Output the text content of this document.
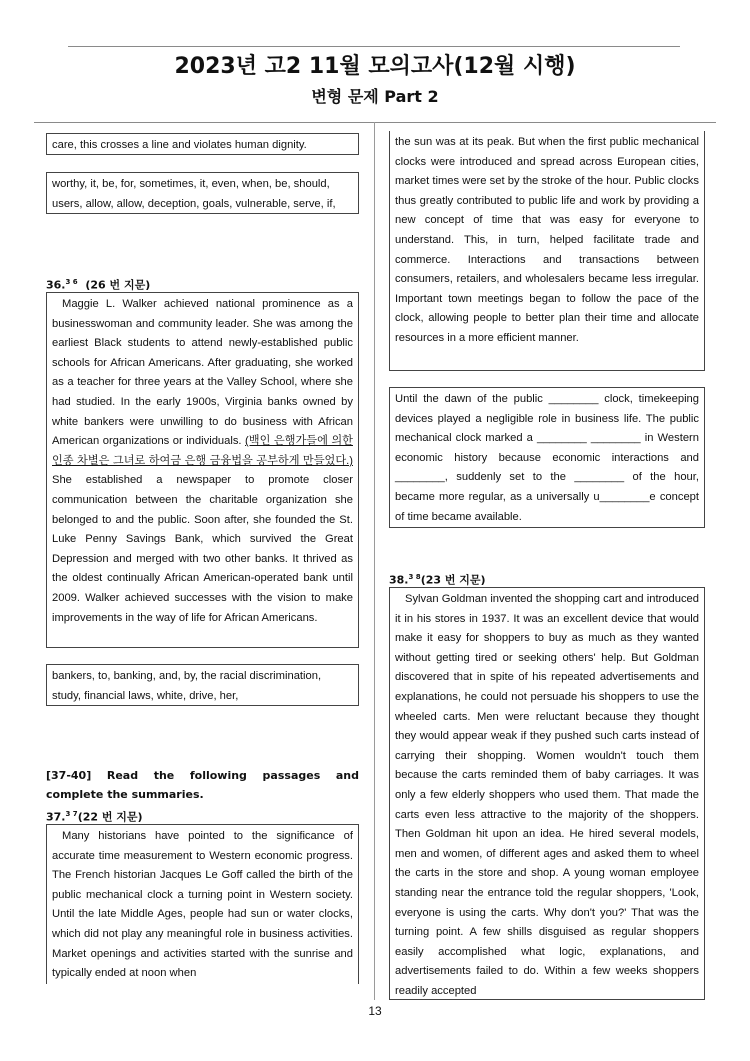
2023년 고2 11월 모의고사(12월 시행)
변형 문제 Part 2

care, this crosses a line and violates human dignity.

worthy, it, be, for, sometimes, it, even, when, be, should, users, allow, allow, deception, goals, vulnerable, serve, if,

36.$^{3 6}$ (26 번 지문)

Maggie L. Walker achieved national prominence as a businesswoman and community leader. She was among the earliest Black students to attend newly-established public schools for African Americans. After graduating, she worked as a teacher for three years at the Valley School, where she had studied. In the early 1900s, Virginia banks owned by white bankers were unwilling to do business with African American organizations or individuals. (백인 은행가들에 의한 인종 차별은 그녀로 하여금 은행 금융법을 공부하게 만들었다.) She established a newspaper to promote closer communication between the charitable organization she belonged to and the public. Soon after, she founded the St. Luke Penny Savings Bank, which survived the Great Depression and merged with two other banks. It thrived as the oldest continually African American-operated bank until 2009. Walker achieved successes with the vision to make improvements in the way of life for African Americans.

bankers, to, banking, and, by, the racial discrimination, study, financial laws, white, drive, her,

[37-40] Read the following passages and complete the summaries.
37.$^{3 7}$(22 번 지문)

Many historians have pointed to the significance of accurate time measurement to Western economic progress. The French historian Jacques Le Goff called the birth of the public mechanical clock a turning point in Western society. Until the late Middle Ages, people had sun or water clocks, which did not play any meaningful role in business activities. Market openings and activities started with the sunrise and typically ended at noon when

the sun was at its peak. But when the first public mechanical clocks were introduced and spread across European cities, market times were set by the stroke of the hour. Public clocks thus greatly contributed to public life and work by providing a new concept of time that was easy for everyone to understand. This, in turn, helped facilitate trade and commerce. Interactions and transactions between consumers, retailers, and wholesalers became less irregular. Important town meetings began to follow the pace of the clock, allowing people to better plan their time and allocate resources in a more efficient manner.

Until the dawn of the public ________ clock, timekeeping devices played a negligible role in business life. The public mechanical clock marked a ________ ________ in Western economic history because economic interactions and ________, suddenly set to the ________ of the hour, became more regular, as a universally u________e concept of time became available.

38.$^{3 8}$(23 번 지문)

Sylvan Goldman invented the shopping cart and introduced it in his stores in 1937. It was an excellent device that would make it easy for shoppers to buy as much as they wanted without getting tired or seeking others' help. But Goldman discovered that in spite of his repeated advertisements and explanations, he could not persuade his shoppers to use the wheeled carts. Men were reluctant because they thought they would appear weak if they pushed such carts instead of carrying their shopping. Women wouldn't touch them because the carts reminded them of baby carriages. It was only a few elderly shoppers who used them. That made the carts even less attractive to the majority of the shoppers. Then Goldman hit upon an idea. He hired several models, men and women, of different ages and asked them to wheel the carts in the store and shop. A young woman employee standing near the entrance told the regular shoppers, 'Look, everyone is using the carts. Why don't you?' That was the turning point. A few shills disguised as regular shoppers easily accomplished what logic, explanations, and advertisements failed to do. Within a few weeks shoppers readily accepted

13
